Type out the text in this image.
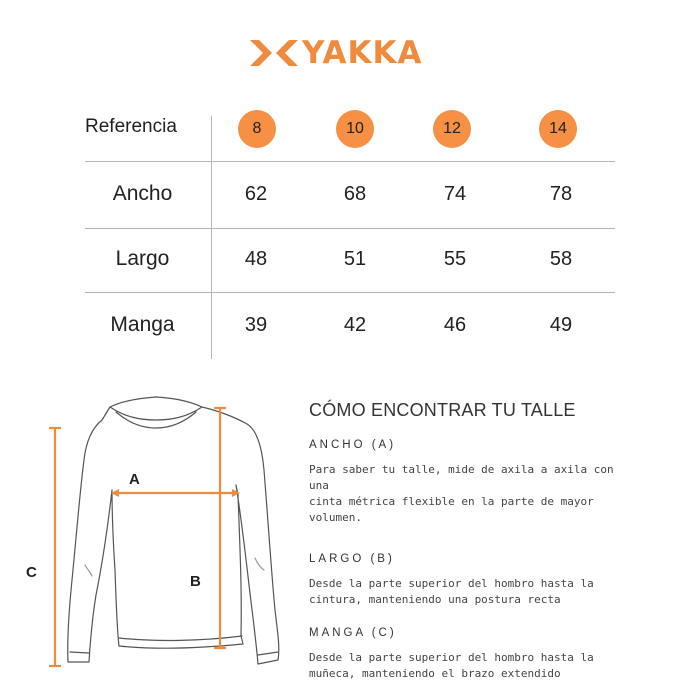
YAKKA
Referencia	8	10	12	14
Ancho	62	68	74	78
Largo	48	51	55	58
Manga	39	42	46	49
A
B
C
CÓMO ENCONTRAR TU TALLE
ANCHO (A)

Para saber tu talle, mide de axila a axila con una
cinta métrica flexible en la parte de mayor
volumen.

LARGO (B)

Desde la parte superior del hombro hasta la
cintura, manteniendo una postura recta

MANGA (C)

Desde la parte superior del hombro hasta la
muñeca, manteniendo el brazo extendido
